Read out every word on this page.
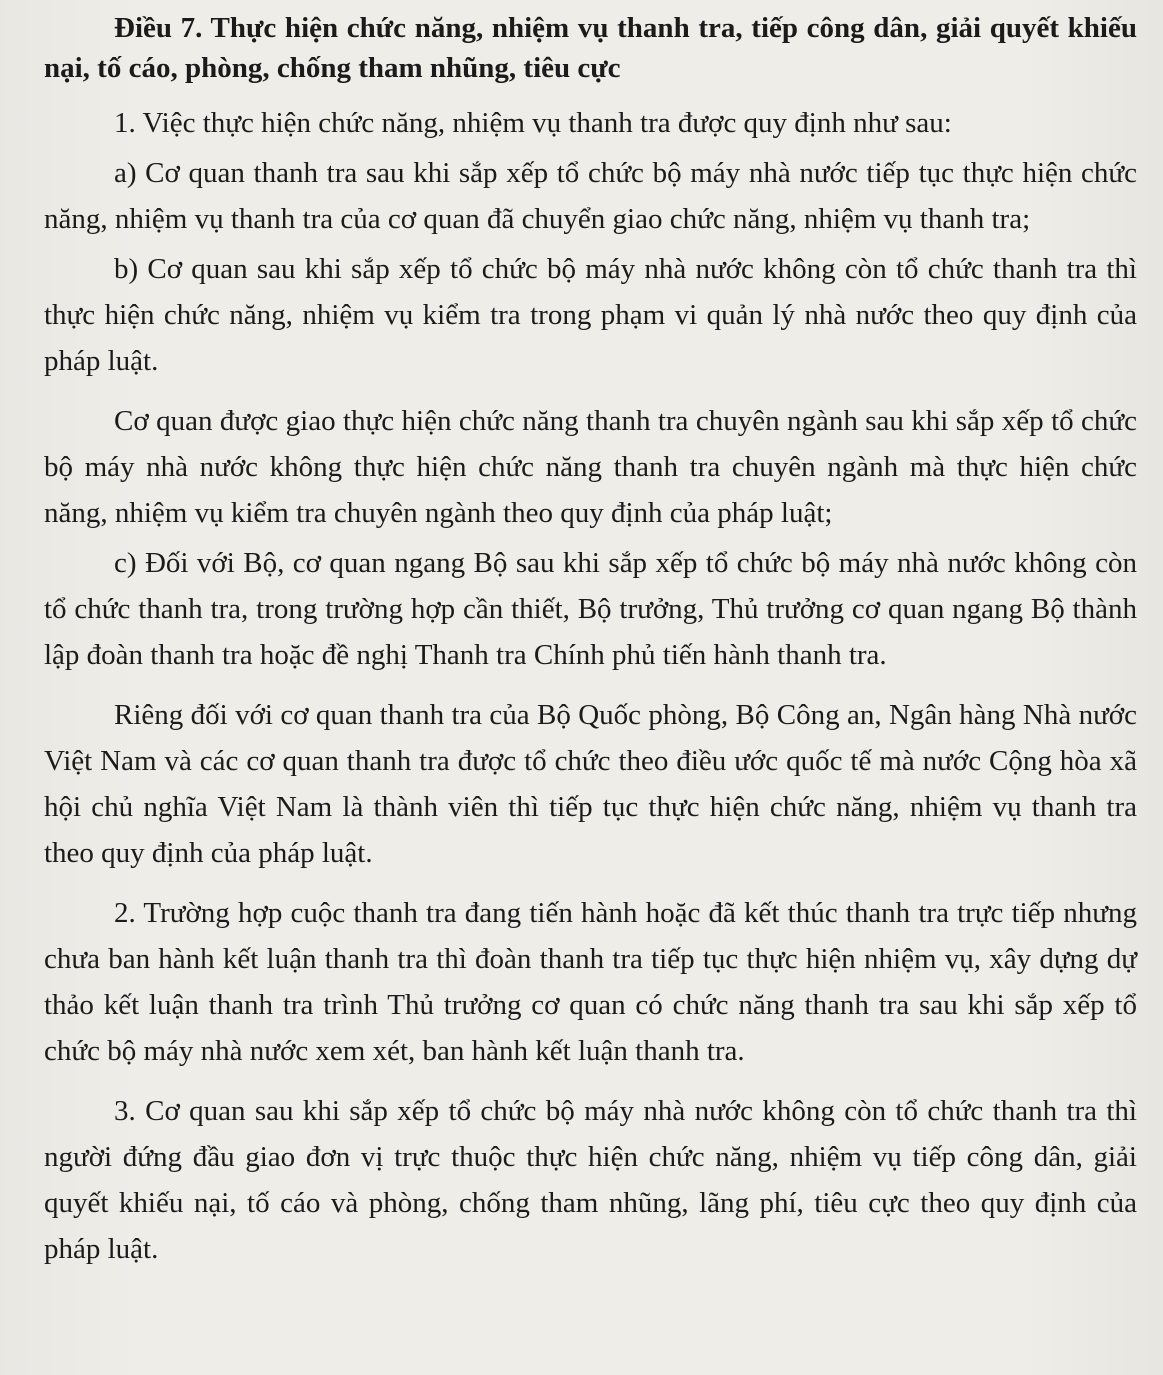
Điều 7. Thực hiện chức năng, nhiệm vụ thanh tra, tiếp công dân, giải quyết khiếu nại, tố cáo, phòng, chống tham nhũng, tiêu cực

1. Việc thực hiện chức năng, nhiệm vụ thanh tra được quy định như sau:

a) Cơ quan thanh tra sau khi sắp xếp tổ chức bộ máy nhà nước tiếp tục thực hiện chức năng, nhiệm vụ thanh tra của cơ quan đã chuyển giao chức năng, nhiệm vụ thanh tra;

b) Cơ quan sau khi sắp xếp tổ chức bộ máy nhà nước không còn tổ chức thanh tra thì thực hiện chức năng, nhiệm vụ kiểm tra trong phạm vi quản lý nhà nước theo quy định của pháp luật.

Cơ quan được giao thực hiện chức năng thanh tra chuyên ngành sau khi sắp xếp tổ chức bộ máy nhà nước không thực hiện chức năng thanh tra chuyên ngành mà thực hiện chức năng, nhiệm vụ kiểm tra chuyên ngành theo quy định của pháp luật;

c) Đối với Bộ, cơ quan ngang Bộ sau khi sắp xếp tổ chức bộ máy nhà nước không còn tổ chức thanh tra, trong trường hợp cần thiết, Bộ trưởng, Thủ trưởng cơ quan ngang Bộ thành lập đoàn thanh tra hoặc đề nghị Thanh tra Chính phủ tiến hành thanh tra.

Riêng đối với cơ quan thanh tra của Bộ Quốc phòng, Bộ Công an, Ngân hàng Nhà nước Việt Nam và các cơ quan thanh tra được tổ chức theo điều ước quốc tế mà nước Cộng hòa xã hội chủ nghĩa Việt Nam là thành viên thì tiếp tục thực hiện chức năng, nhiệm vụ thanh tra theo quy định của pháp luật.

2. Trường hợp cuộc thanh tra đang tiến hành hoặc đã kết thúc thanh tra trực tiếp nhưng chưa ban hành kết luận thanh tra thì đoàn thanh tra tiếp tục thực hiện nhiệm vụ, xây dựng dự thảo kết luận thanh tra trình Thủ trưởng cơ quan có chức năng thanh tra sau khi sắp xếp tổ chức bộ máy nhà nước xem xét, ban hành kết luận thanh tra.

3. Cơ quan sau khi sắp xếp tổ chức bộ máy nhà nước không còn tổ chức thanh tra thì người đứng đầu giao đơn vị trực thuộc thực hiện chức năng, nhiệm vụ tiếp công dân, giải quyết khiếu nại, tố cáo và phòng, chống tham nhũng, lãng phí, tiêu cực theo quy định của pháp luật.
